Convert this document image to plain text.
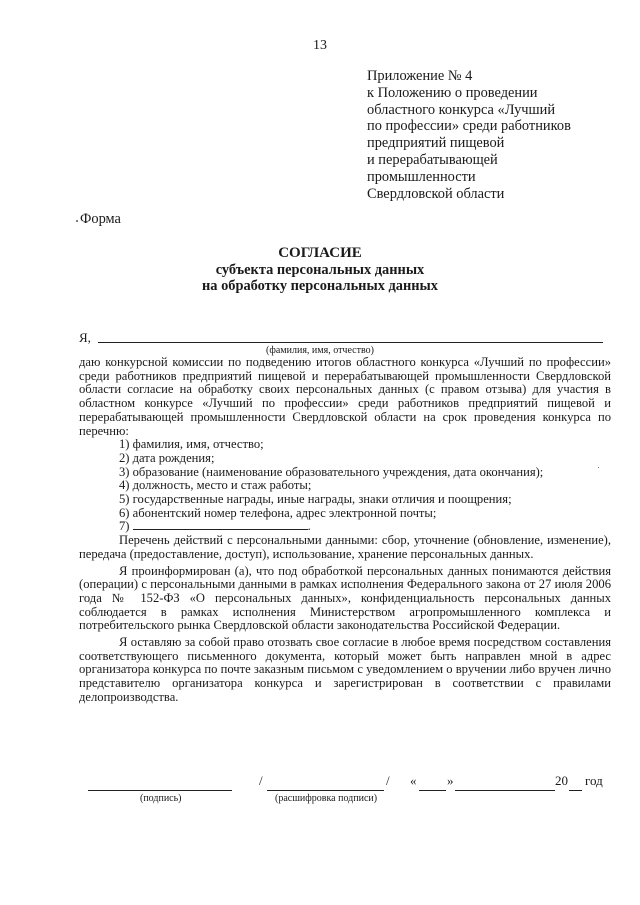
13
Приложение № 4
к Положению о проведении
областного конкурса «Лучший
по профессии» среди работников
предприятий пищевой
и перерабатывающей
промышленности
Свердловской области
Форма
СОГЛАСИЕ
субъекта персональных данных
на обработку персональных данных
Я,
(фамилия, имя, отчество)

даю конкурсной комиссии по подведению итогов областного конкурса «Лучший по профессии» среди работников предприятий пищевой и перерабатывающей промышленности Свердловской области согласие на обработку своих персональных данных (с правом отзыва) для участия в областном конкурсе «Лучший по профессии» среди работников предприятий пищевой и перерабатывающей промышленности Свердловской области на срок проведения конкурса по перечню:

1) фамилия, имя, отчество;

2) дата рождения;

3) образование (наименование образовательного учреждения, дата окончания);

4) должность, место и стаж работы;

5) государственные награды, иные награды, знаки отличия и поощрения;

6) абонентский номер телефона, адрес электронной почты;

7)	.

Перечень действий с персональными данными: сбор, уточнение (обновление, изменение), передача (предоставление, доступ), использование, хранение персональных данных.

Я проинформирован (а), что под обработкой персональных данных понимаются действия (операции) с персональными данными в рамках исполнения Федерального закона от 27 июля 2006 года № 152-ФЗ «О персональных данных», конфиденциальность персональных данных соблюдается в рамках исполнения Министерством агропромышленного комплекса и потребительского рынка Свердловской области законодательства Российской Федерации.

Я оставляю за собой право отозвать свое согласие в любое время посредством составления соответствующего письменного документа, который может быть направлен мной в адрес организатора конкурса по почте заказным письмом с уведомлением о вручении либо вручен лично представителю организатора конкурса и зарегистрирован в соответствии с правилами делопроизводства.

/	/ « »	20 год
(подпись)	(расшифровка подписи)
